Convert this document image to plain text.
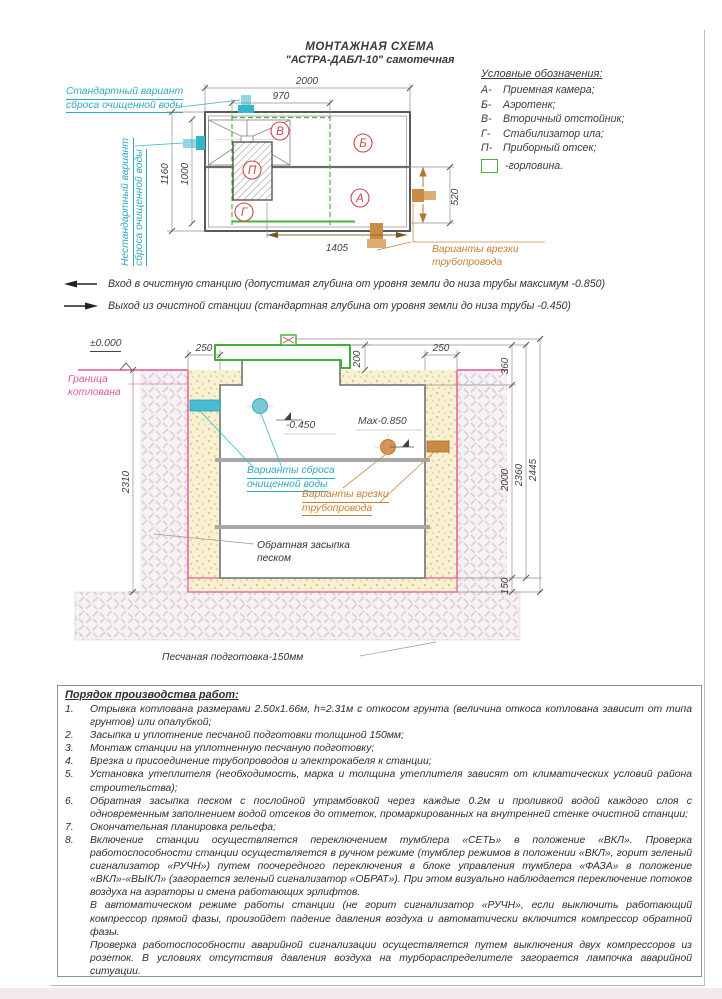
МОНТАЖНАЯ СХЕМА
"АСТРА-ДАБЛ-10" самотечная
Условные обозначения:
А-	Приемная камера;
Б-	Аэротенк;
В-	Вторичный отстойник;
Г-	Стабилизатор ила;
П-	Приборный отсек;
-горловина.
Стандартный вариант
сброса очищенной воды
Нестандартный вариант сброса очищенной воды	Варианты врезки
трубопровода
2000
970
1160 1000
1405
520
В
Б
П
А
Г
Вход в очистную станцию (допустимая глубина от уровня земли до низа трубы максимум -0.850)
Выход из очистной станции (стандартная глубина от уровня земли до низа трубы -0.450)
250	250
200	360
2000
150
2360 2445
2310
±0.000
Граница
котлована
-0.450	Мах-0.850
Варианты сброса
очищенной воды
Варианты врезки
трубопровода
Обратная засыпка
песком
Песчаная подготовка-150мм
Порядок производства работ:
1.	Отрывка котлована размерами 2.50х1.66м, h=2.31м с откосом грунта (величина откоса котлована зависит от типа грунтов) или опалубкой;
2.	Засыпка и уплотнение песчаной подготовки толщиной 150мм;
3.	Монтаж станции на уплотненную песчаную подготовку;
4.	Врезка и присоединение трубопроводов и электрокабеля к станции;
5.	Установка утеплителя (необходимость, марка и толщина утеплителя зависят от климатических условий района строительства);
6.	Обратная засыпка песком с послойной утрамбовкой через каждые 0.2м и проливкой водой каждого слоя с одновременным заполнением водой отсеков до отметок, промаркированных на внутренней стенке очистной станции;
7.	Окончательная планировка рельефа;
8.	Включение станции осуществляется переключением тумблера «СЕТЬ» в положение «ВКЛ». Проверка работоспособности станции осуществляется в ручном режиме (тумблер режимов в положении «ВКЛ», горит зеленый сигнализатор «РУЧН») путем поочередного переключения в блоке управления тумблера «ФАЗА» в положение «ВКЛ»-«ВЫКЛ» (загорается зеленый сигнализатор «ОБРАТ»). При этом визуально наблюдается переключение потоков воздуха на аэраторы и смена работающих эрлифтов.
В автоматическом режиме работы станции (не горит сигнализатор «РУЧН», если выключить работающий компрессор прямой фазы, произойдет падение давления воздуха и автоматически включится компрессор обратной фазы.
Проверка работоспособности аварийной сигнализации осуществляется путем выключения двух компрессоров из розеток. В условиях отсутствия давления воздуха на турбораспределителе загорается лампочка аварийной ситуации.
